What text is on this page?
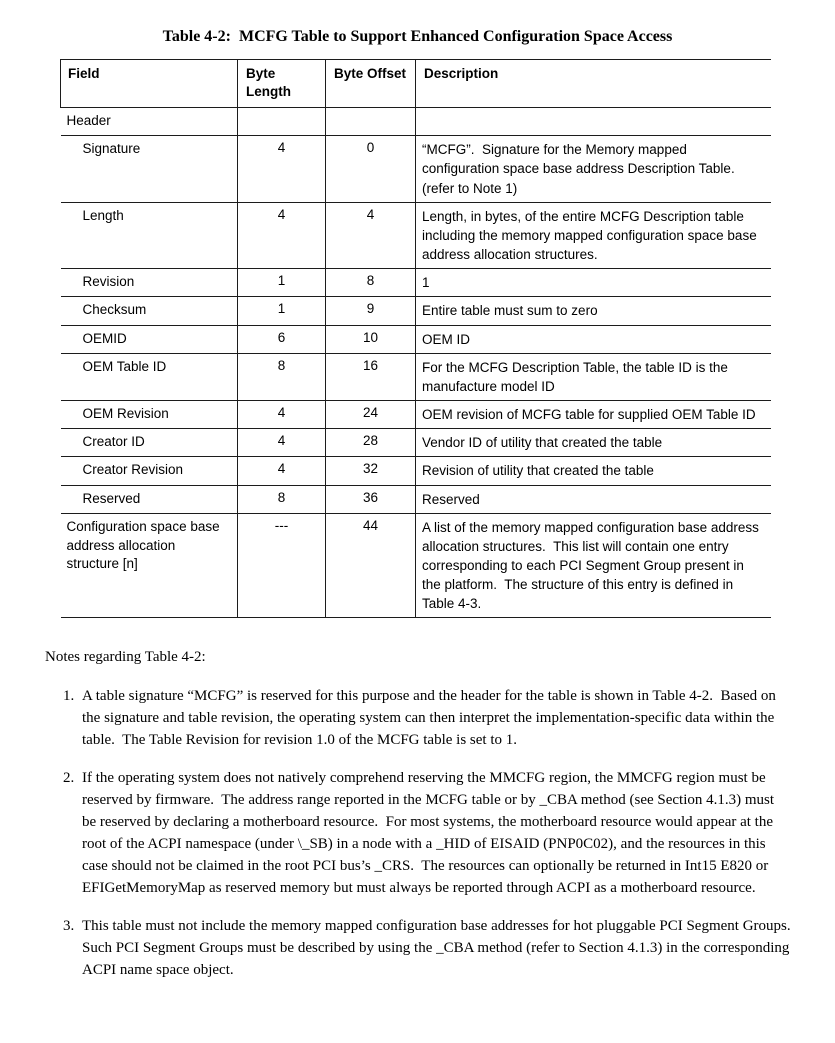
Table 4-2:  MCFG Table to Support Enhanced Configuration Space Access
Field	Byte Length	Byte Offset	Description
Header			
Signature	4	0	“MCFG”.  Signature for the Memory mapped configuration space base address Description Table.  (refer to Note 1)
Length	4	4	Length, in bytes, of the entire MCFG Description table including the memory mapped configuration space base address allocation structures.
Revision	1	8	1
Checksum	1	9	Entire table must sum to zero
OEMID	6	10	OEM ID
OEM Table ID	8	16	For the MCFG Description Table, the table ID is the manufacture model ID
OEM Revision	4	24	OEM revision of MCFG table for supplied OEM Table ID
Creator ID	4	28	Vendor ID of utility that created the table
Creator Revision	4	32	Revision of utility that created the table
Reserved	8	36	Reserved
Configuration space base address allocation structure [n]	---	44	A list of the memory mapped configuration base address allocation structures.  This list will contain one entry corresponding to each PCI Segment Group present in the platform.  The structure of this entry is defined in Table 4-3.

Notes regarding Table 4-2:

1. A table signature “MCFG” is reserved for this purpose and the header for the table is shown in Table 4-2.  Based on the signature and table revision, the operating system can then interpret the implementation-specific data within the table.  The Table Revision for revision 1.0 of the MCFG table is set to 1.
2. If the operating system does not natively comprehend reserving the MMCFG region, the MMCFG region must be reserved by firmware.  The address range reported in the MCFG table or by _CBA method (see Section 4.1.3) must be reserved by declaring a motherboard resource.  For most systems, the motherboard resource would appear at the root of the ACPI namespace (under \_SB) in a node with a _HID of EISAID (PNP0C02), and the resources in this case should not be claimed in the root PCI bus’s _CRS.  The resources can optionally be returned in Int15 E820 or EFIGetMemoryMap as reserved memory but must always be reported through ACPI as a motherboard resource.
3. This table must not include the memory mapped configuration base addresses for hot pluggable PCI Segment Groups.  Such PCI Segment Groups must be described by using the _CBA method (refer to Section 4.1.3) in the corresponding ACPI name space object.
